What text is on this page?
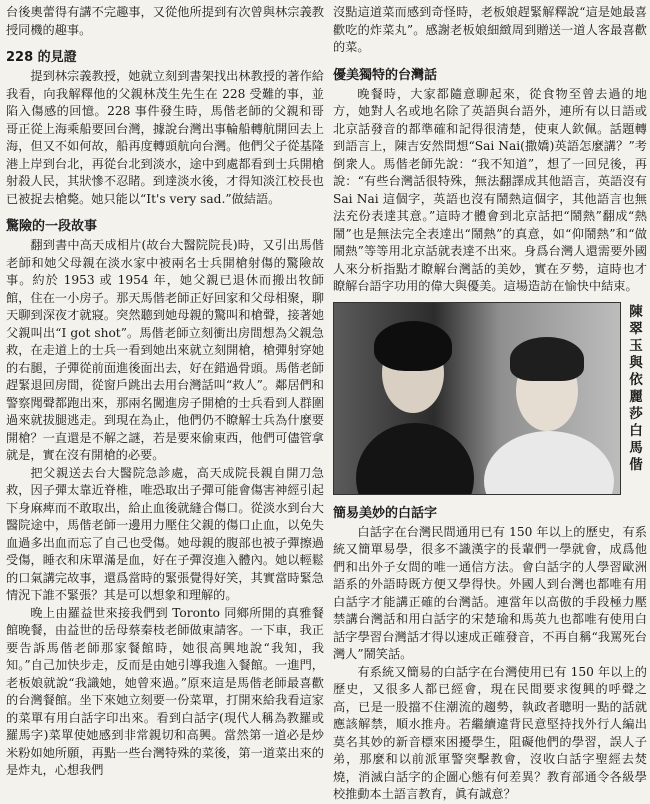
台後奧蕾得有講不完趣事，又從他所提到有次曾與林宗義教授同機的趣事。

228 的見證

提到林宗義教授，她就立刻到書架找出林教授的著作給我看，向我解釋他的父親林茂生先生在 228 受難的事，並陷入傷感的回憶。228 事件發生時，馬偕老師的父親和哥哥正從上海乘船要回台灣，據說台灣出事輪船轉航開回去上海，但又不如何故，船再度轉頭航向台灣。他們父子從基隆港上岸到台北，再從台北到淡水，途中到處都看到士兵開槍射殺人民，其狀慘不忍睹。到達淡水後，才得知淡江校長也已被捉去槍斃。她只能以“It's very sad.”做結語。

驚險的一段故事

翻到書中高天成相片(故台大醫院院長)時，又引出馬偕老師和她父母親在淡水家中被兩名士兵開槍射傷的驚險故事。約於 1953 或 1954 年，她父親已退休而搬出牧師館，住在一小房子。那天馬偕老師正好回家和父母相聚，聊天聊到深夜才就寢。突然聽到她母親的驚叫和槍聲，接著她父親叫出“I got shot”。馬偕老師立刻衝出房間想為父親急救，在走道上的士兵一看到她出來就立刻開槍，槍彈射穿她的右腿，子彈從前面進後面出去，好在錯過骨頭。馬偕老師趕緊退回房間，從窗戶跳出去用台灣話叫“救人”。鄰居們和警察聞聲都跑出來，那兩名闖進房子開槍的士兵看到人群圍過來就拔腿逃走。到現在為止，他們仍不瞭解士兵為什麼要開槍？一直還是不解之謎，若是要來偷東西，他們可儘管拿就是，實在沒有開槍的必要。

把父親送去台大醫院急診處，高天成院長親自開刀急救，因子彈太靠近脊椎，唯恐取出子彈可能會傷害神經引起下身麻痺而不敢取出，給止血後就縫合傷口。從淡水到台大醫院途中，馬偕老師一邊用力壓住父親的傷口止血，以免失血過多出血而忘了自己也受傷。她母親的腹部也被子彈擦過受傷，睡衣和床單滿是血，好在子彈沒進入體內。她以輕鬆的口氣講完故事，還爲當時的緊張覺得好笑，其實當時緊急情況下誰不緊張？其是可以想象和理解的。

晚上由羅益世來接我們到 Toronto 同鄉所開的真雅餐館晚餐，由益世的岳母蔡秦枝老師做東請客。一下車，我正要告訴馬偕老師那家餐館時，她很高興地說“我知，我知。”自己加快步走，反而是由她引導我進入餐館。一進門，老板娘就說“我識她，她曾來過。”原來這是馬偕老師最喜歡的台灣餐館。坐下來她立刻要一份菜單，打開來給我看這家的菜單有用白話字印出來。看到白話字(現代人稱為教羅或羅馬字)菜單使她感到非常親切和高興。當然第一道必是炒米粉如她所願，再點一些台灣特殊的菜後，第一道菜出來的是炸丸，心想我們

沒點這道菜而感到奇怪時，老板娘趕緊解釋說“這是她最喜歡吃的炸菜丸”。感謝老板娘細緻周到贈送一道人客最喜歡的菜。

優美獨特的台灣話

晚餐時，大家都隨意聊起來，從食物至曾去過的地方，她對人名或地名除了英語與台語外，連所有以日語或北京話發音的都準確和記得很清楚，使東人欽佩。話題轉到語言上，陳吉安然問想“Sai Nai(撒嬌)英語怎麼講？”考倒衆人。馬偕老師先說：“我不知道”，想了一回兒後，再說：“有些台灣話很特殊，無法翻譯成其他語言，英語沒有 Sai Nai 這個字，英語也沒有鬧熱這個字，其他語言也無法充份表達其意。”這時才體會到北京話把“鬧熱”翻成“熱鬧”也是無法完全表達出“鬧熱”的真意，如“仰鬧熱”和“做鬧熱”等等用北京話就表達不出來。身爲台灣人還需要外國人來分析指點才瞭解台灣話的美妙，實在歹勢，這時也才瞭解台語字功用的偉大與優美。這場造訪在愉快中結束。

陳
翠
玉
與
依
麗
莎
白
馬
偕
簡易美妙的白話字

白話字在台灣民間通用已有 150 年以上的歷史，有系統又簡單易學，很多不識漢字的長輩們一學就會，成爲他們和出外子女間的唯一通信方法。會白話字的人學習歐洲語系的外語時既方便又學得快。外國人到台灣也都唯有用白話字才能講正確的台灣話。連當年以高傲的手段極力壓禁講台灣話和用白話字的宋楚瑜和馬英九也都唯有使用白話字學習台灣話才得以速成正確發音，不再自稱“我罵死台灣人”鬧笑話。

有系統又簡易的白話字在台灣使用已有 150 年以上的歷史，又很多人都已經會，現在民間要求復興的呼聲之高，已是一股擋不住潮流的趨勢，執政者聰明一點的話就應該解禁，順水推舟。若繼續違背民意堅持找外行人編出莫名其妙的新音標來困擾學生，阻礙他們的學習，誤人子弟，那麼和以前派軍警突擊教會，沒收白話字聖經去焚燒，消滅白話字的企圖心態有何差異？教育部通令各級學校推動本土語言教育，眞有誠意？
